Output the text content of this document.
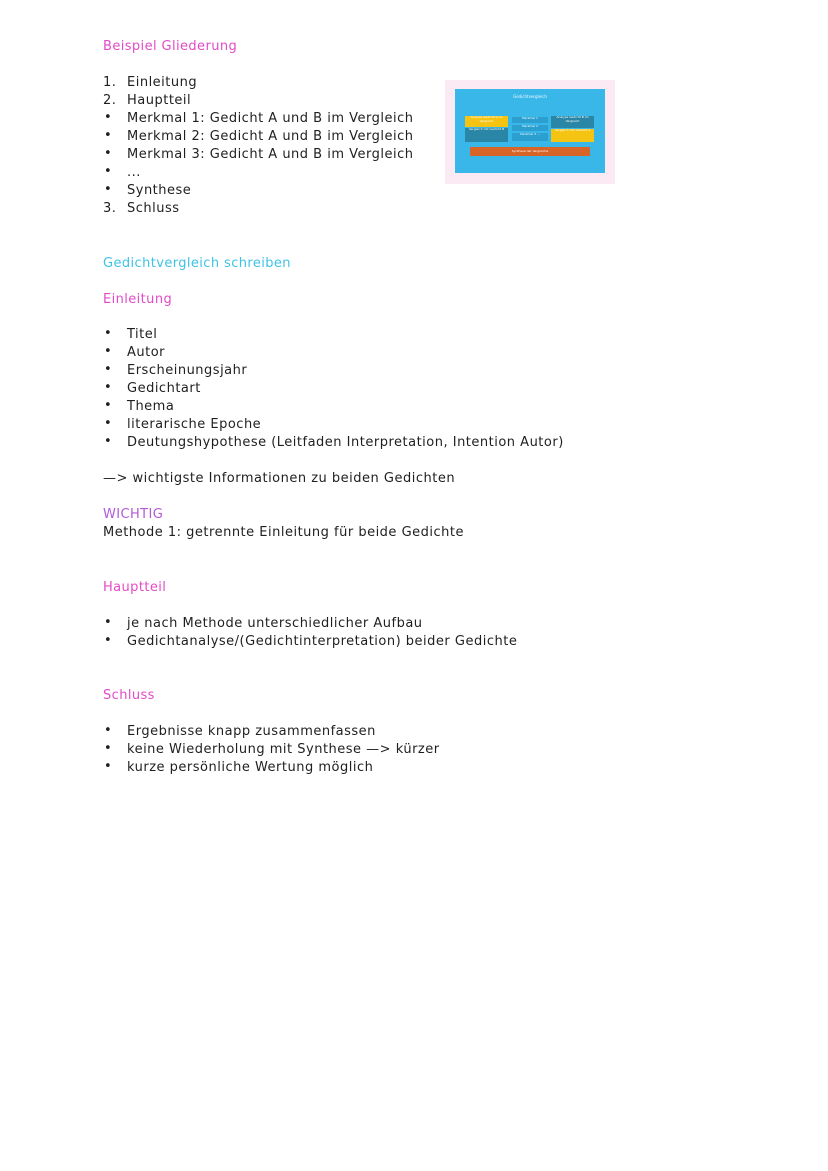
Beispiel Gliederung
1. Einleitung
2. Hauptteil
•	Merkmal 1: Gedicht A und B im Vergleich
•	Merkmal 2: Gedicht A und B im Vergleich
•	Merkmal 3: Gedicht A und B im Vergleich
•	...
•	Synthese
3. Schluss
Gedichtvergleich
Analyse Gedicht A im Vergleich
Vergleich mit Gedicht B
Merkmal 1
Merkmal 2
Merkmal 3 ...
Analyse Gedicht B im Vergleich
Vergleich mit Gedicht A
Synthese der Vergleiche
Gedichtvergleich schreiben
Einleitung
•	Titel
•	Autor
•	Erscheinungsjahr
•	Gedichtart
•	Thema
•	literarische Epoche
•	Deutungshypothese (Leitfaden Interpretation, Intention Autor)
—> wichtigste Informationen zu beiden Gedichten
WICHTIG
Methode 1: getrennte Einleitung für beide Gedichte
Hauptteil
•	je nach Methode unterschiedlicher Aufbau
•	Gedichtanalyse/(Gedichtinterpretation) beider Gedichte
Schluss
•	Ergebnisse knapp zusammenfassen
•	keine Wiederholung mit Synthese —> kürzer
•	kurze persönliche Wertung möglich
